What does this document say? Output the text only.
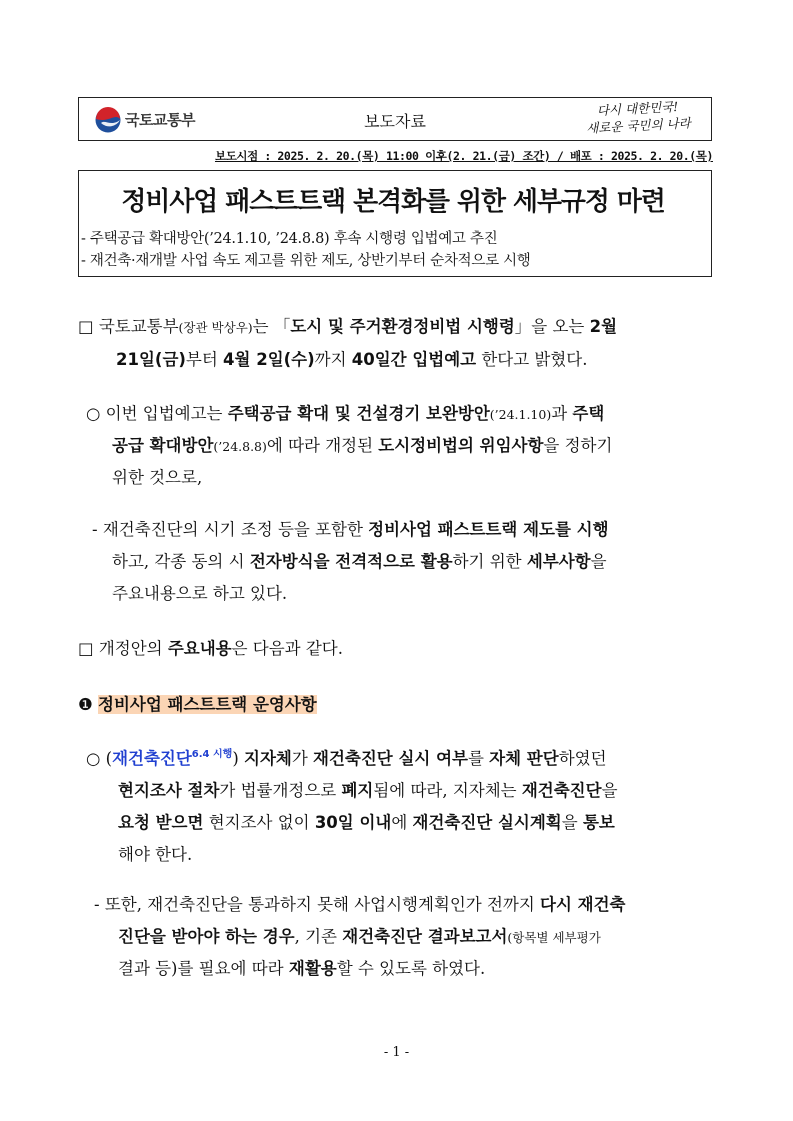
국토교통부	보도자료
다시 대한민국!
새로운 국민의 나라
보도시점 : 2025. 2. 20.(목) 11:00 이후(2. 21.(금) 조간) / 배포 : 2025. 2. 20.(목)
정비사업 패스트트랙 본격화를 위한 세부규정 마련
- 주택공급 확대방안(’24.1.10, ’24.8.8) 후속 시행령 입법예고 추진
- 재건축·재개발 사업 속도 제고를 위한 제도, 상반기부터 순차적으로 시행
□ 국토교통부(장관 박상우)는 「도시 및 주거환경정비법 시행령」을 오는 2월
21일(금)부터 4월 2일(수)까지 40일간 입법예고 한다고 밝혔다.
○ 이번 입법예고는 주택공급 확대 및 건설경기 보완방안(’24.1.10)과 주택
공급 확대방안(’24.8.8)에 따라 개정된 도시정비법의 위임사항을 정하기
위한 것으로,
- 재건축진단의 시기 조정 등을 포함한 정비사업 패스트트랙 제도를 시행
하고, 각종 동의 시 전자방식을 전격적으로 활용하기 위한 세부사항을
주요내용으로 하고 있다.
□ 개정안의 주요내용은 다음과 같다.
❶ 정비사업 패스트트랙 운영사항
○ (재건축진단$^{6.4 시행}$) 지자체가 재건축진단 실시 여부를 자체 판단하였던
현지조사 절차가 법률개정으로 폐지됨에 따라, 지자체는 재건축진단을
요청 받으면 현지조사 없이 30일 이내에 재건축진단 실시계획을 통보
해야 한다.
- 또한, 재건축진단을 통과하지 못해 사업시행계획인가 전까지 다시 재건축
진단을 받아야 하는 경우, 기존 재건축진단 결과보고서(항목별 세부평가
결과 등)를 필요에 따라 재활용할 수 있도록 하였다.
- 1 -
